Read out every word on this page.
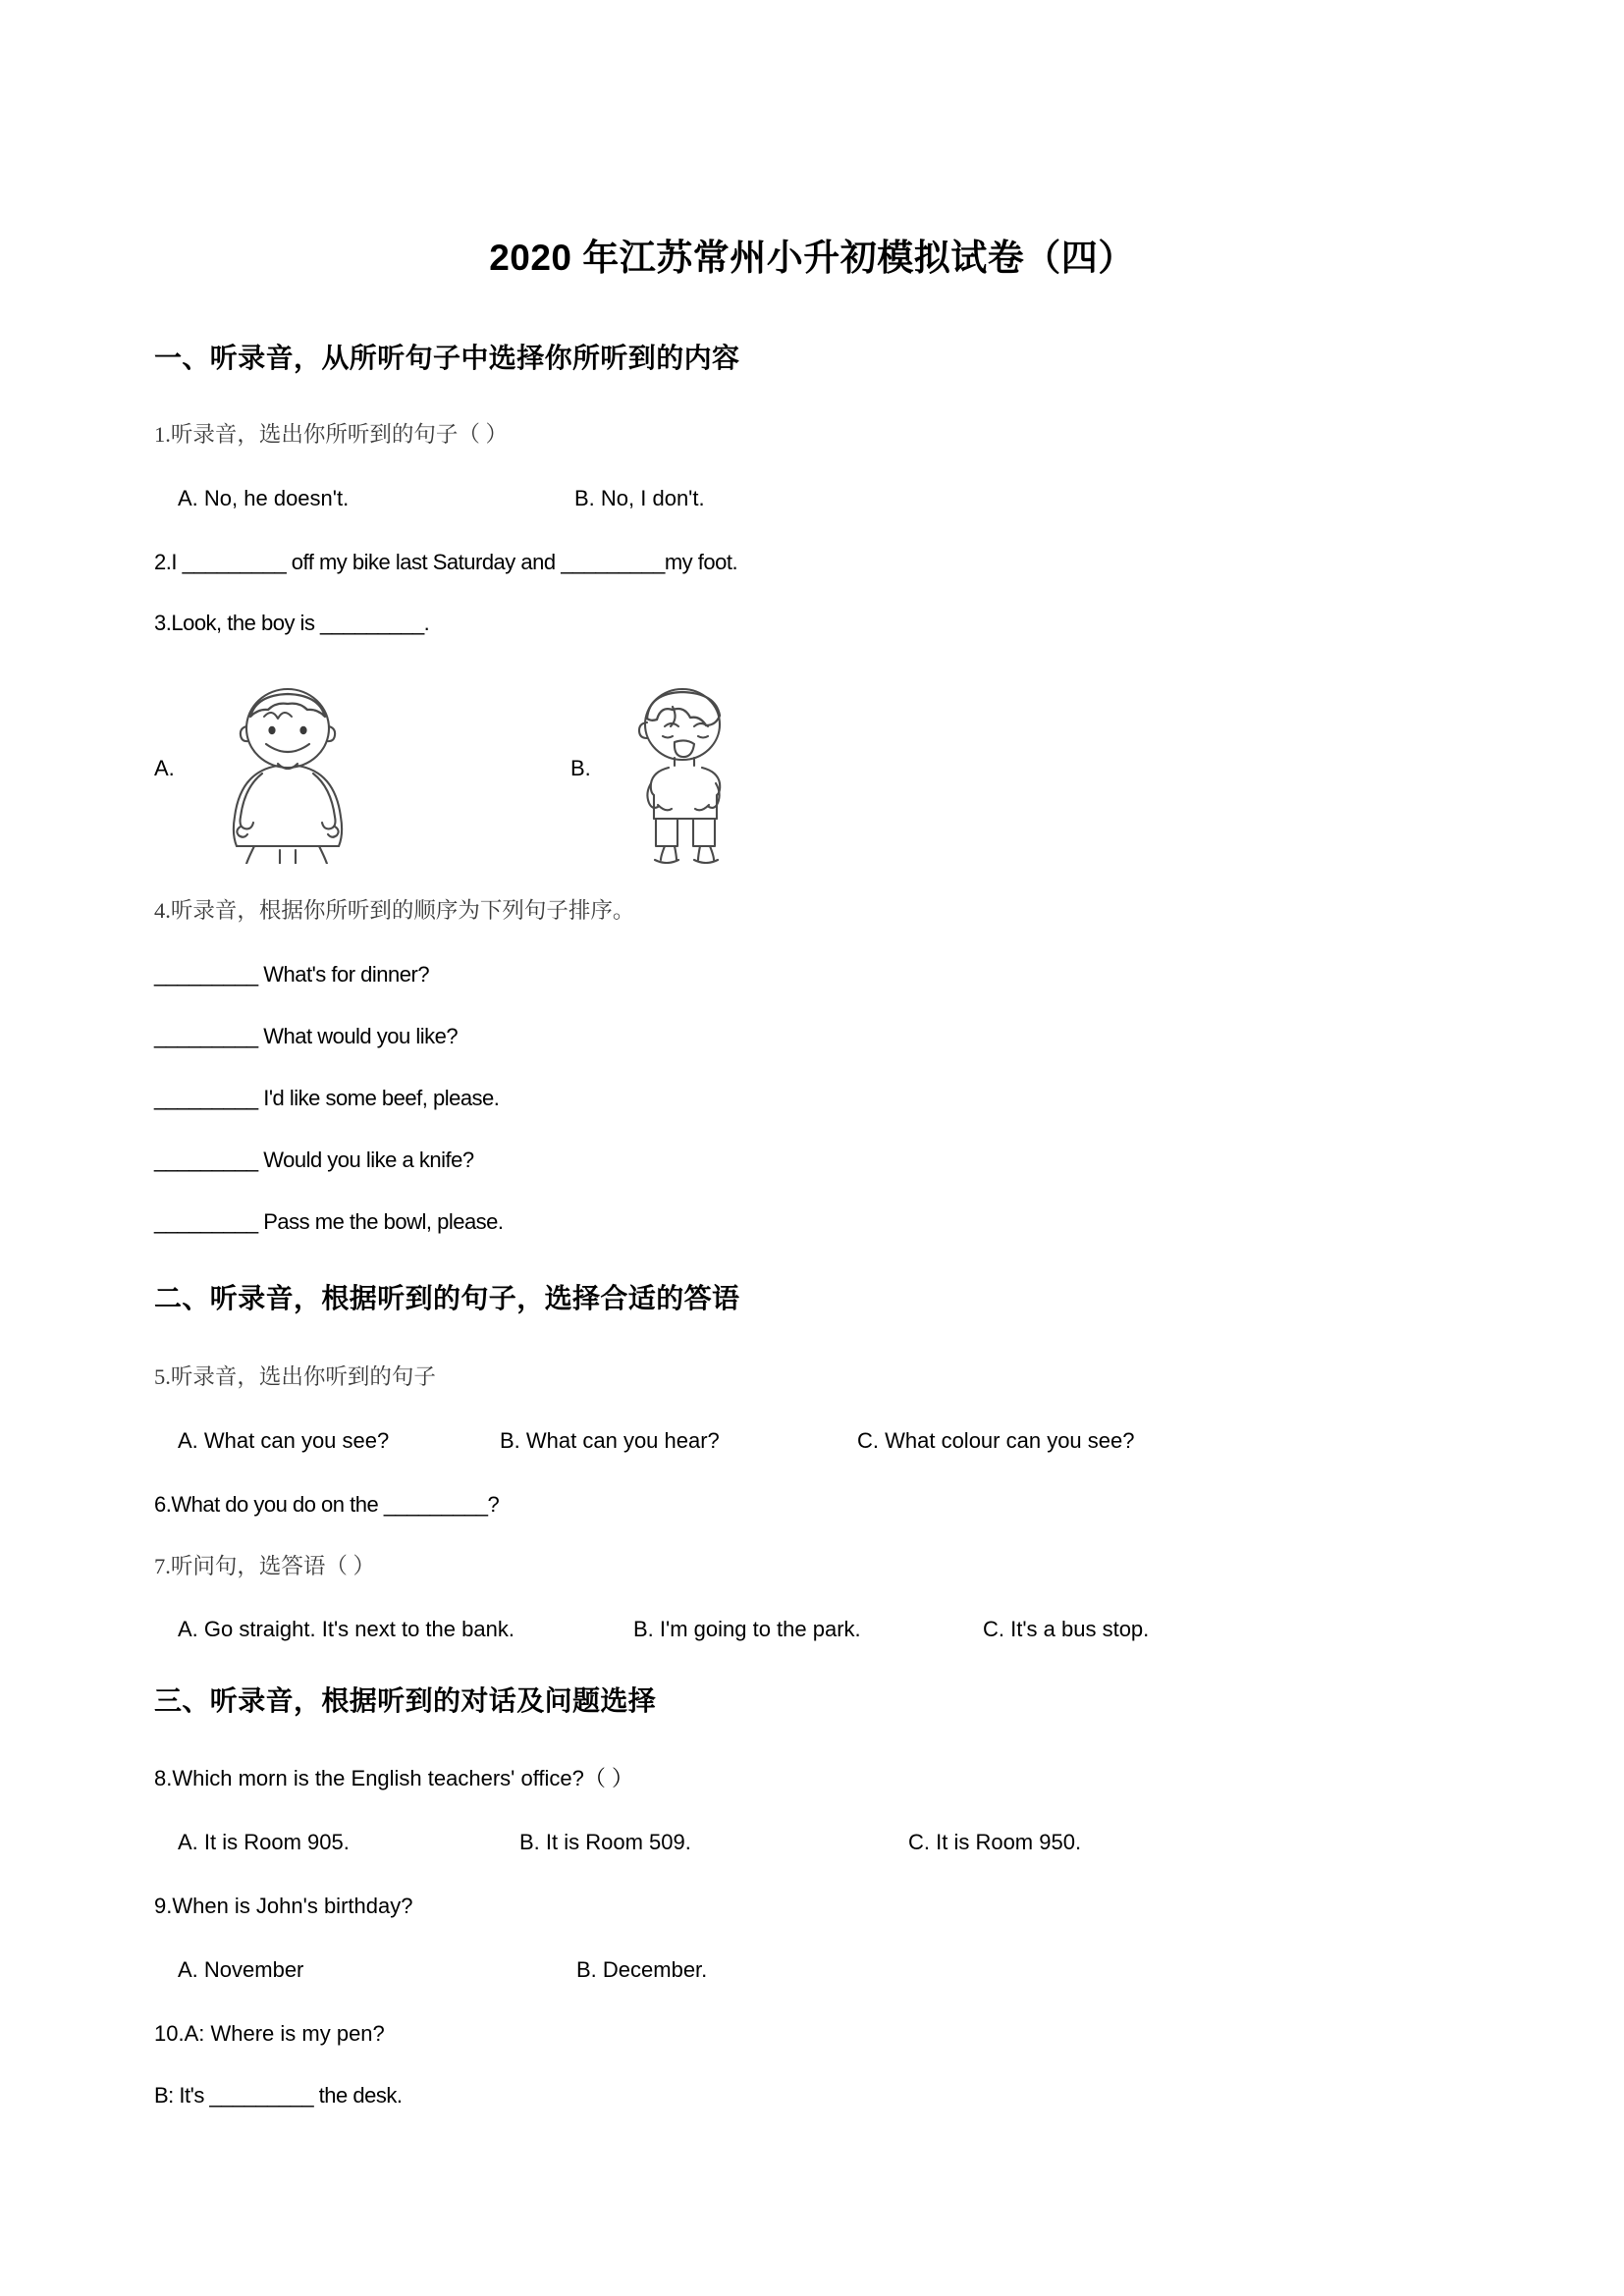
2020 年江苏常州小升初模拟试卷（四）
一、听录音，从所听句子中选择你所听到的内容
1.听录音，选出你所听到的句子（ ）
A. No, he doesn't.	B. No, I don't.
2.I _________ off my bike last Saturday and _________my foot.
3.Look, the boy is _________.
A.	B.
4.听录音，根据你所听到的顺序为下列句子排序。
_________ What's for dinner?
_________ What would you like?
_________ I'd like some beef, please.
_________ Would you like a knife?
_________ Pass me the bowl, please.
二、听录音，根据听到的句子，选择合适的答语
5.听录音，选出你听到的句子
A. What can you see?	B. What can you hear?	C. What colour can you see?
6.What do you do on the _________?
7.听问句，选答语（ ）
A. Go straight. It's next to the bank.	B. I'm going to the park.	C. It's a bus stop.
三、听录音，根据听到的对话及问题选择
8.Which morn is the English teachers' office?（ ）
A. It is Room 905.	B. It is Room 509.	C. It is Room 950.
9.When is John's birthday?
A. November	B. December.
10.A: Where is my pen?
B: It's _________ the desk.
